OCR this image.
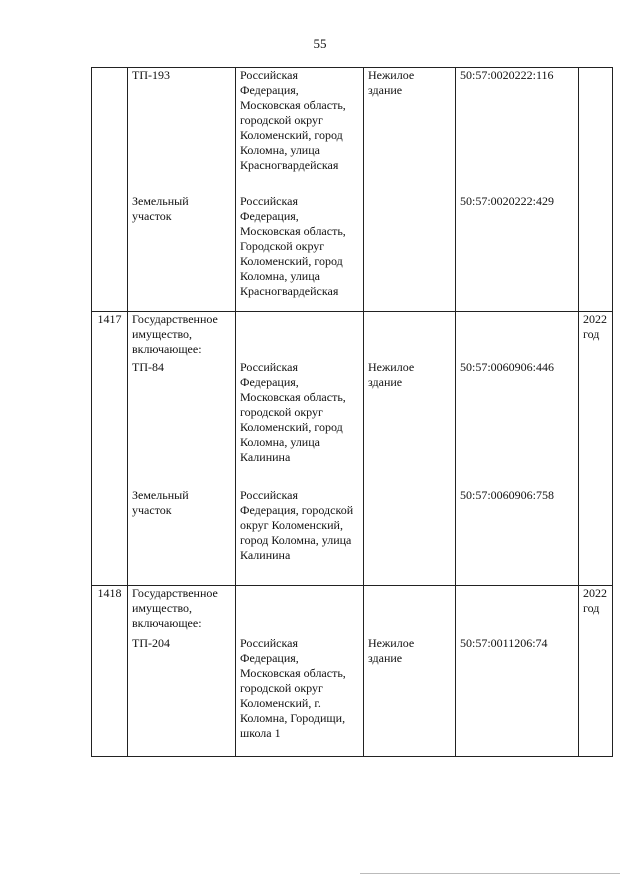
55
	ТП-193	Российская Федерация, Московская область, городской округ Коломенский, город Коломна, улица Красногвардейская	Нежилое здание	50:57:0020222:116	
	Земельный участок	Российская Федерация, Московская область, Городской округ Коломенский, город Коломна, улица Красногвардейская		50:57:0020222:429	
1417	Государственное имущество, включающее:				2022 год
	ТП-84	Российская Федерация, Московская область, городской округ Коломенский, город Коломна, улица Калинина	Нежилое здание	50:57:0060906:446	
	Земельный участок	Российская Федерация, городской округ Коломенский, город Коломна, улица Калинина		50:57:0060906:758	
1418	Государственное имущество, включающее:				2022 год
	ТП-204	Российская Федерация, Московская область, городской округ Коломенский, г. Коломна, Городищи, школа 1	Нежилое здание	50:57:0011206:74	
